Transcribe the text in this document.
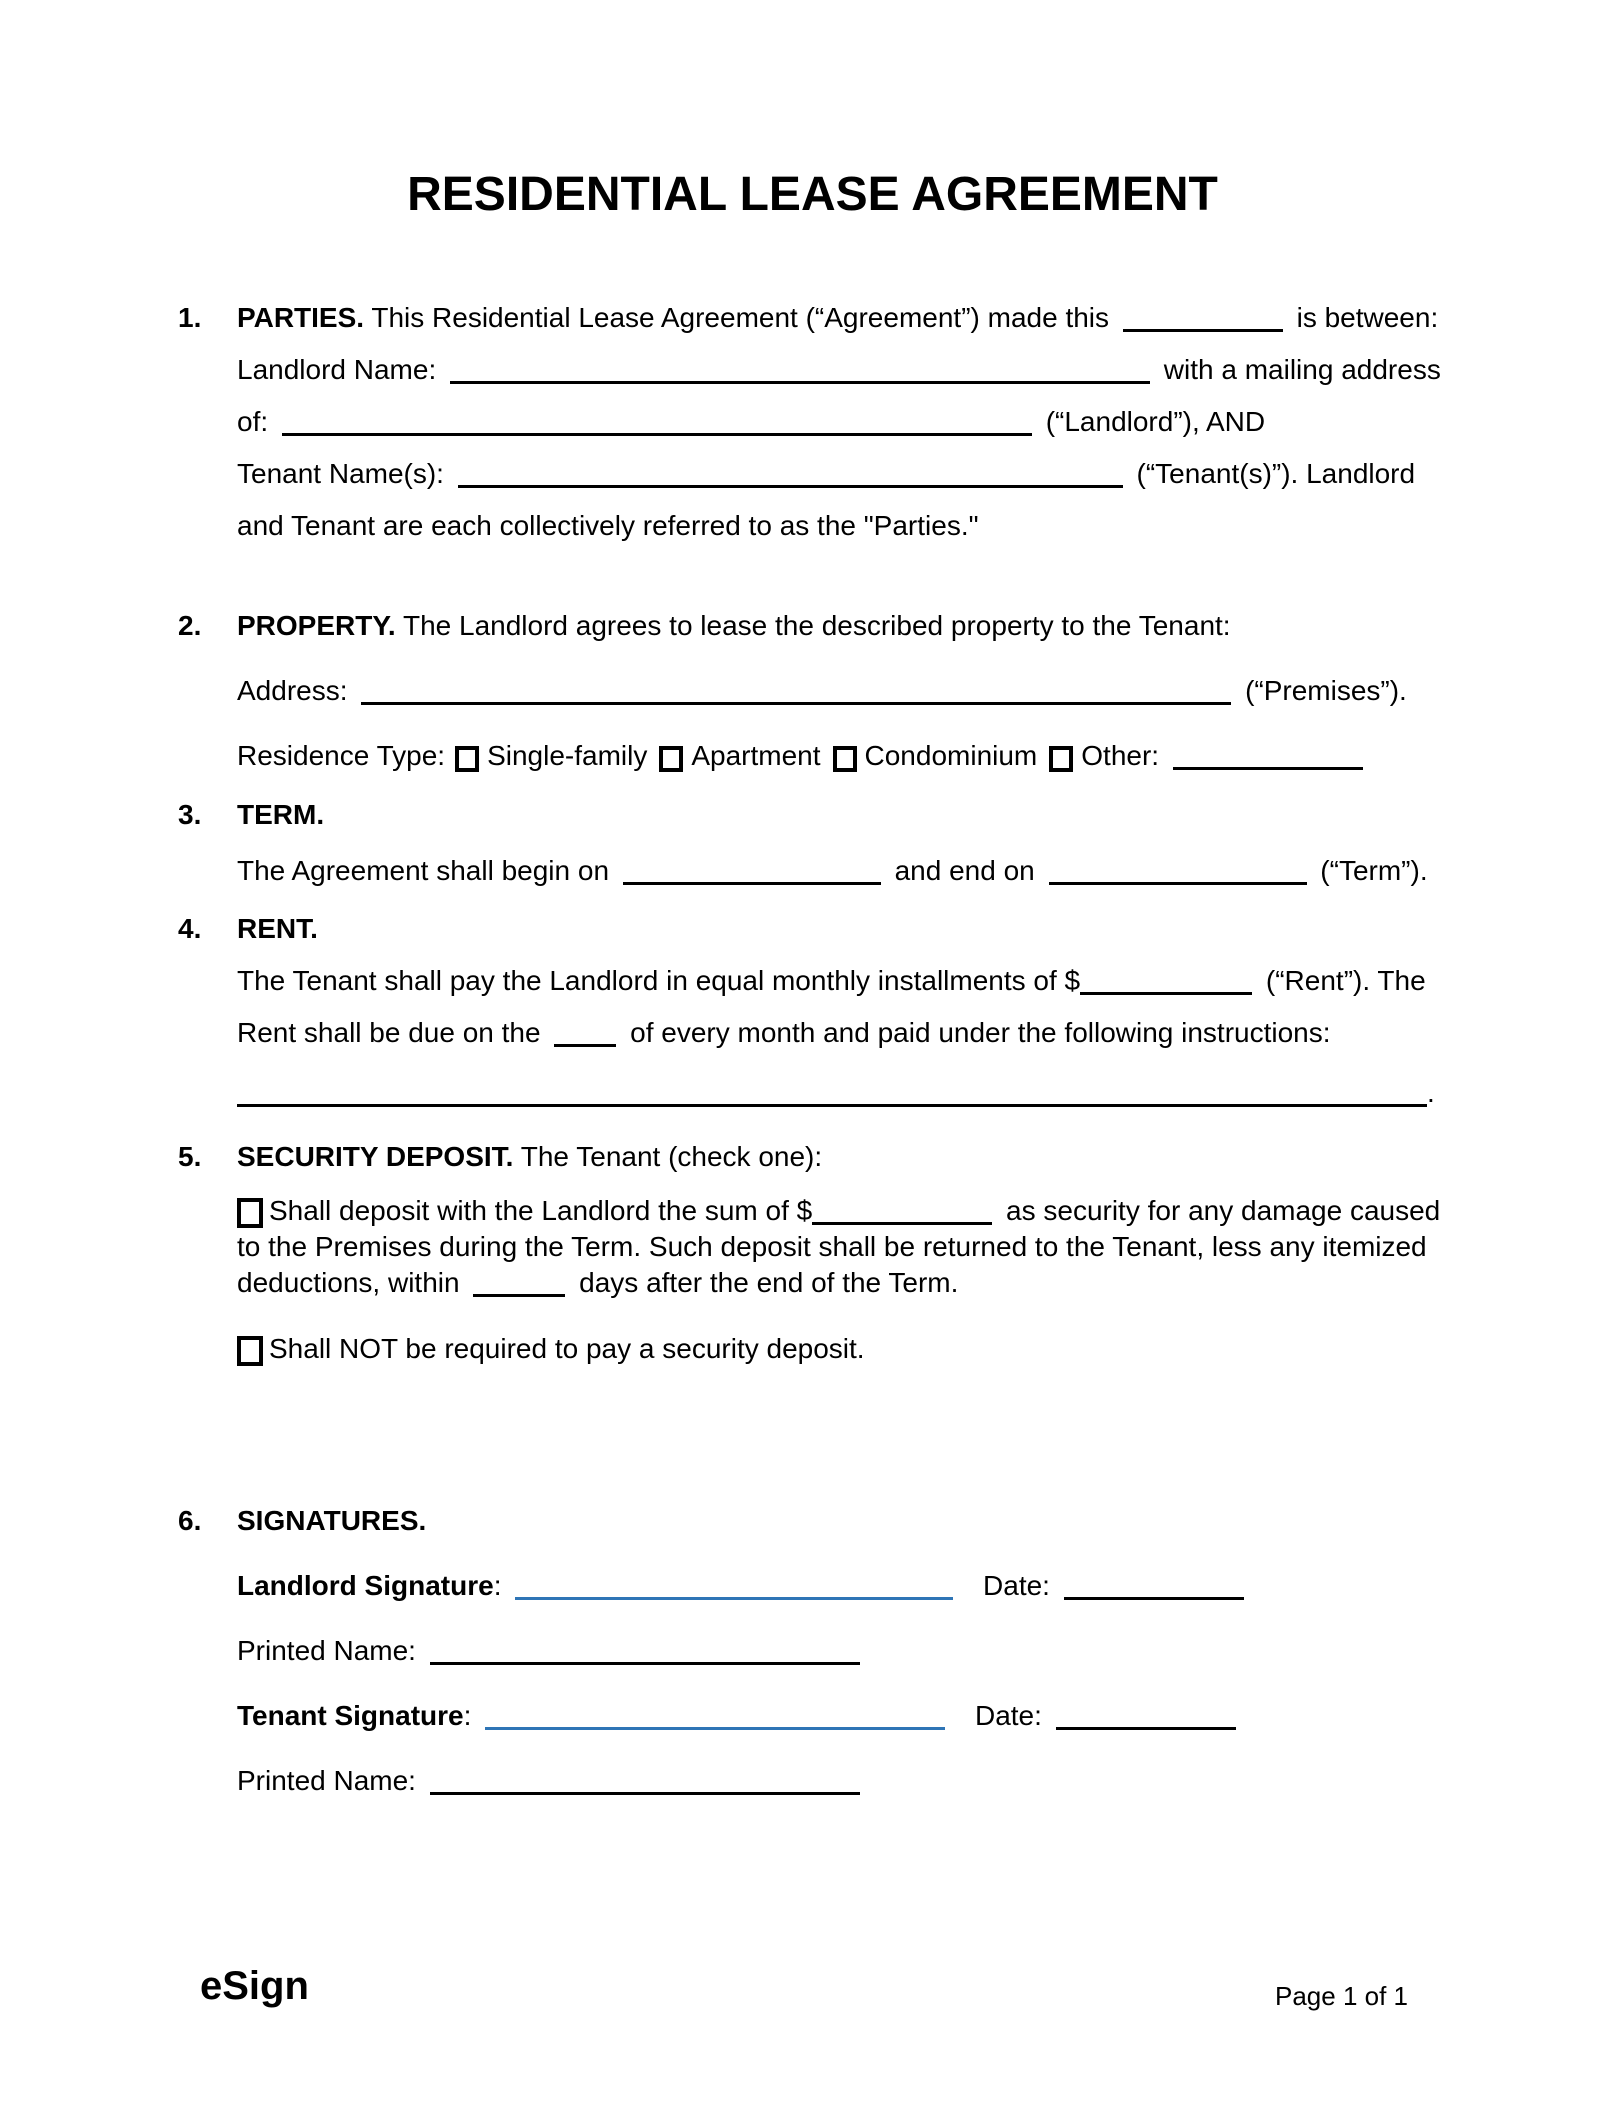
RESIDENTIAL LEASE AGREEMENT
1.	PARTIES. This Residential Lease Agreement (“Agreement”) made this	is between:
Landlord Name:	with a mailing address
of:	(“Landlord”), AND
Tenant Name(s):	(“Tenant(s)”). Landlord
and Tenant are each collectively referred to as the "Parties."
2.	PROPERTY. The Landlord agrees to lease the described property to the Tenant:
Address:	(“Premises”).
Residence Type: Single-family Apartment Condominium Other:
3.	TERM.
The Agreement shall begin on	and end on	(“Term”).
4.	RENT.
The Tenant shall pay the Landlord in equal monthly installments of $	(“Rent”). The
Rent shall be due on the	of every month and paid under the following instructions:
.
5.	SECURITY DEPOSIT. The Tenant (check one):
Shall deposit with the Landlord the sum of $	as security for any damage caused
to the Premises during the Term. Such deposit shall be returned to the Tenant, less any itemized
deductions, within	days after the end of the Term.
Shall NOT be required to pay a security deposit.
6.	SIGNATURES.
Landlord Signature:	Date:
Printed Name:
Tenant Signature:	Date:
Printed Name:
eSign	Page 1 of 1
